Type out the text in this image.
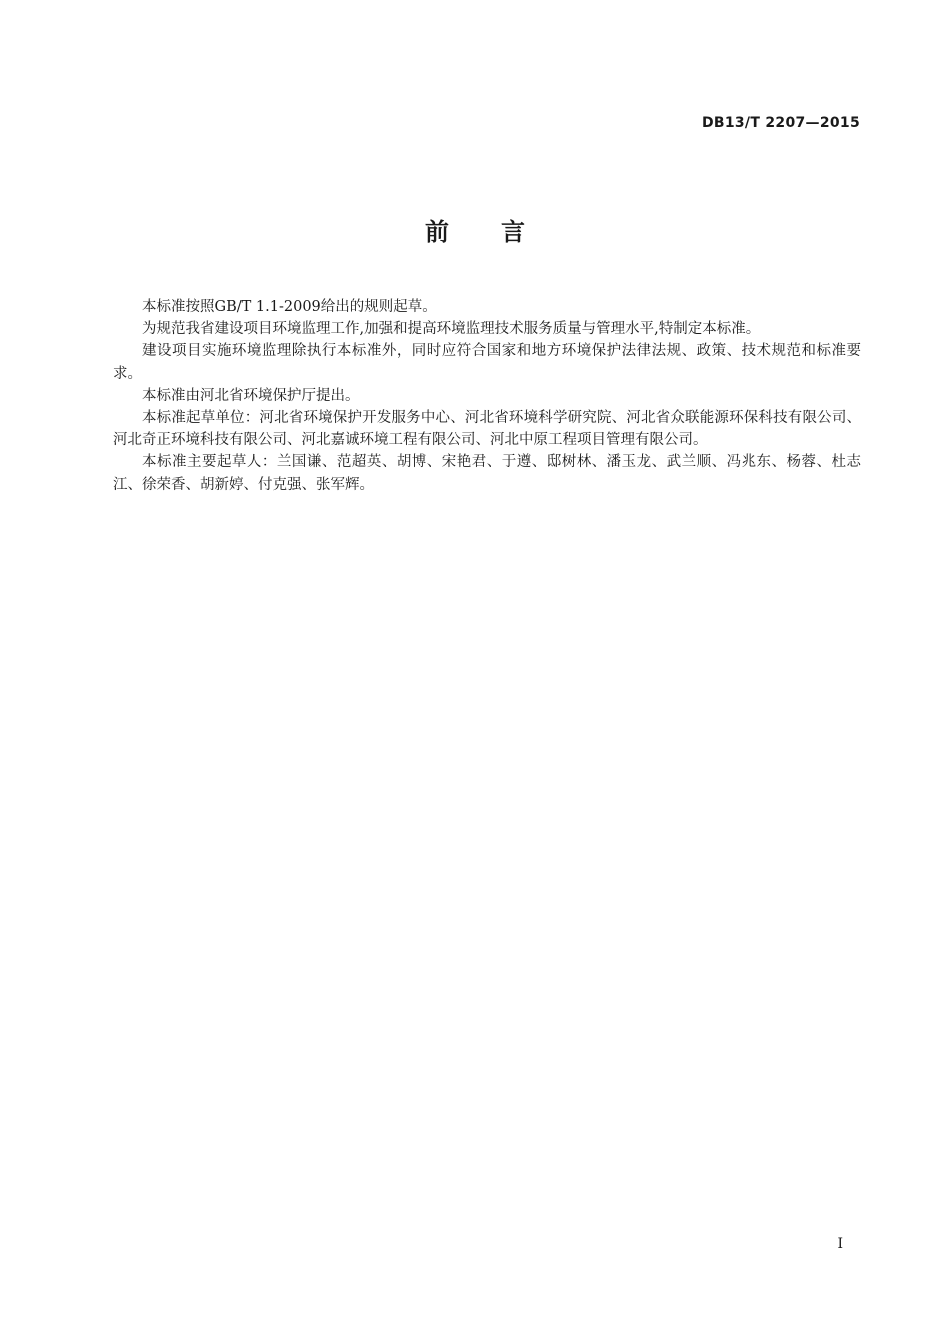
DB13/T 2207—2015
前言

本标准按照GB/T 1.1-2009给出的规则起草。

为规范我省建设项目环境监理工作,加强和提高环境监理技术服务质量与管理水平,特制定本标准。

建设项目实施环境监理除执行本标准外，同时应符合国家和地方环境保护法律法规、政策、技术规范和标准要求。

本标准由河北省环境保护厅提出。

本标准起草单位：河北省环境保护开发服务中心、河北省环境科学研究院、河北省众联能源环保科技有限公司、河北奇正环境科技有限公司、河北嘉诚环境工程有限公司、河北中原工程项目管理有限公司。

本标准主要起草人：兰国谦、范超英、胡博、宋艳君、于遵、邸树林、潘玉龙、武兰顺、冯兆东、杨蓉、杜志江、徐荣香、胡新婷、付克强、张军辉。

I
